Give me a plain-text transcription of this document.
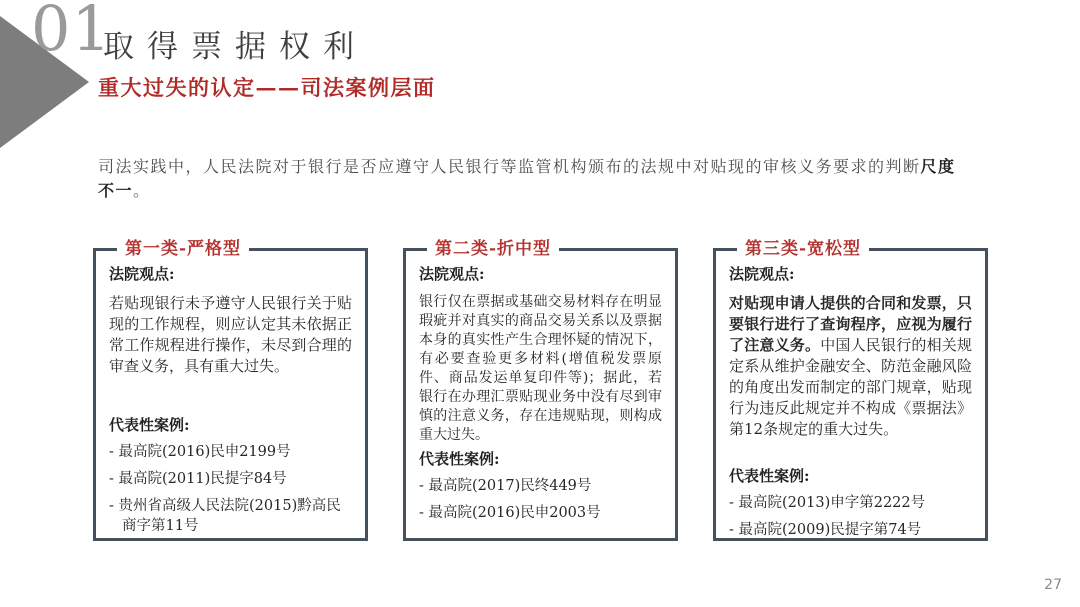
01
取得票据权利
重大过失的认定——司法案例层面

司法实践中，人民法院对于银行是否应遵守人民银行等监管机构颁布的法规中对贴现的审核义务要求的判断尺度不一。

第一类-严格型
法院观点:
若贴现银行未予遵守人民银行关于贴现的工作规程，则应认定其未依据正常工作规程进行操作，未尽到合理的审查义务，具有重大过失。
代表性案例:
- 最高院(2016)民申2199号
- 最高院(2011)民提字84号
- 贵州省高级人民法院(2015)黔高民商字第11号
第二类-折中型
法院观点:
银行仅在票据或基础交易材料存在明显瑕疵并对真实的商品交易关系以及票据本身的真实性产生合理怀疑的情况下，有必要查验更多材料(增值税发票原件、商品发运单复印件等)；据此，若银行在办理汇票贴现业务中没有尽到审慎的注意义务，存在违规贴现，则构成重大过失。
代表性案例:
- 最高院(2017)民终449号
- 最高院(2016)民申2003号
第三类-宽松型
法院观点:
对贴现申请人提供的合同和发票，只要银行进行了查询程序，应视为履行了注意义务。中国人民银行的相关规定系从维护金融安全、防范金融风险的角度出发而制定的部门规章，贴现行为违反此规定并不构成《票据法》第12条规定的重大过失。
代表性案例:
- 最高院(2013)申字第2222号
- 最高院(2009)民提字第74号
27
